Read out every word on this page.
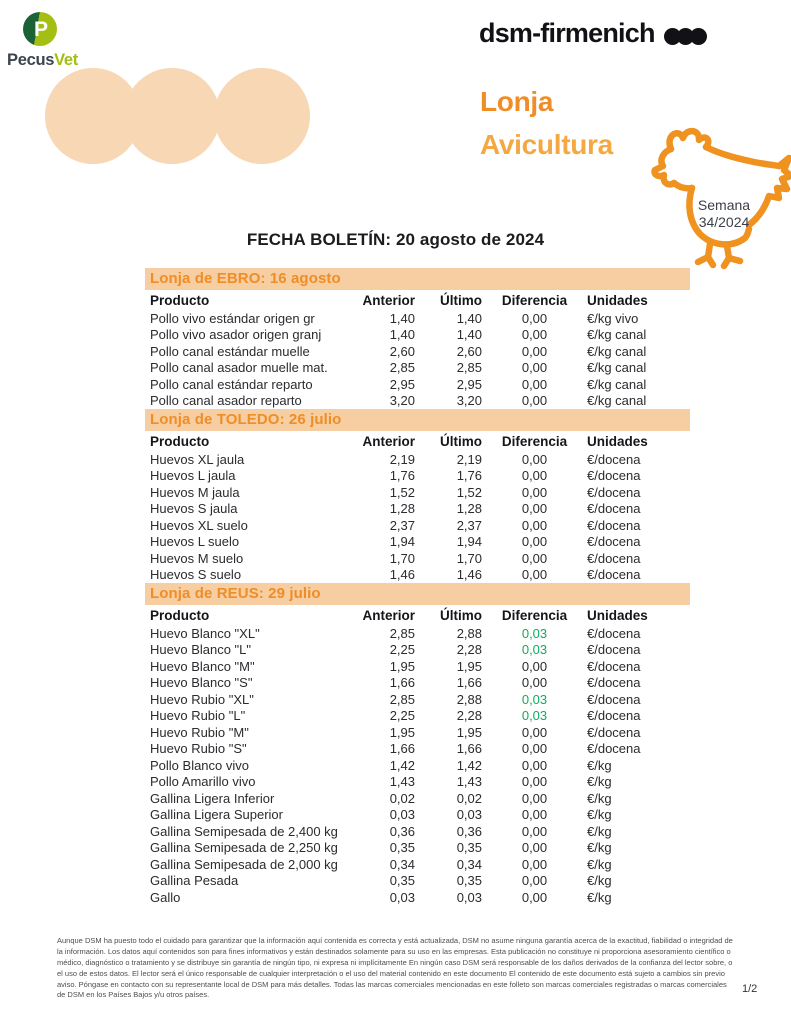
P
PecusVet
dsm-firmenich
Lonja
Avicultura
Semana
34/2024
FECHA BOLETÍN: 20 agosto de 2024
Lonja de EBRO: 16 agosto
Producto	Anterior	Último	Diferencia	Unidades
Pollo vivo estándar origen gr	1,40	1,40	0,00	€/kg vivo
Pollo vivo asador origen granj	1,40	1,40	0,00	€/kg canal
Pollo canal estándar muelle	2,60	2,60	0,00	€/kg canal
Pollo canal asador muelle mat.	2,85	2,85	0,00	€/kg canal
Pollo canal estándar reparto	2,95	2,95	0,00	€/kg canal
Pollo canal asador reparto	3,20	3,20	0,00	€/kg canal
Lonja de TOLEDO: 26 julio
Producto	Anterior	Último	Diferencia	Unidades
Huevos XL jaula	2,19	2,19	0,00	€/docena
Huevos L jaula	1,76	1,76	0,00	€/docena
Huevos M jaula	1,52	1,52	0,00	€/docena
Huevos S jaula	1,28	1,28	0,00	€/docena
Huevos XL suelo	2,37	2,37	0,00	€/docena
Huevos L suelo	1,94	1,94	0,00	€/docena
Huevos M suelo	1,70	1,70	0,00	€/docena
Huevos S suelo	1,46	1,46	0,00	€/docena
Lonja de REUS: 29 julio
Producto	Anterior	Último	Diferencia	Unidades
Huevo Blanco "XL"	2,85	2,88	0,03	€/docena
Huevo Blanco "L"	2,25	2,28	0,03	€/docena
Huevo Blanco "M"	1,95	1,95	0,00	€/docena
Huevo Blanco "S"	1,66	1,66	0,00	€/docena
Huevo Rubio "XL"	2,85	2,88	0,03	€/docena
Huevo Rubio "L"	2,25	2,28	0,03	€/docena
Huevo Rubio "M"	1,95	1,95	0,00	€/docena
Huevo Rubio "S"	1,66	1,66	0,00	€/docena
Pollo Blanco vivo	1,42	1,42	0,00	€/kg
Pollo Amarillo vivo	1,43	1,43	0,00	€/kg
Gallina Ligera Inferior	0,02	0,02	0,00	€/kg
Gallina Ligera Superior	0,03	0,03	0,00	€/kg
Gallina Semipesada de 2,400 kg	0,36	0,36	0,00	€/kg
Gallina Semipesada de 2,250 kg	0,35	0,35	0,00	€/kg
Gallina Semipesada de 2,000 kg	0,34	0,34	0,00	€/kg
Gallina Pesada	0,35	0,35	0,00	€/kg
Gallo	0,03	0,03	0,00	€/kg

Aunque DSM ha puesto todo el cuidado para garantizar que la información aquí contenida es correcta y está actualizada, DSM no asume ninguna garantía acerca de la exactitud, fiabilidad o integridad de la información. Los datos aquí contenidos son para fines informativos y están destinados solamente para su uso en las empresas. Esta publicación no constituye ni proporciona asesoramiento científico o médico, diagnóstico o tratamiento y se distribuye sin garantía de ningún tipo, ni expresa ni implícitamente En ningún caso DSM será responsable de los daños derivados de la confianza del lector sobre, o el uso de estos datos. El lector será el único responsable de cualquier interpretación o el uso del material contenido en este documento El contenido de este documento está sujeto a cambios sin previo aviso. Póngase en contacto con su representante local de DSM para más detalles. Todas las marcas comerciales mencionadas en este folleto son marcas comerciales registradas o marcas comerciales de DSM en los Países Bajos y/u otros países.	1/2
